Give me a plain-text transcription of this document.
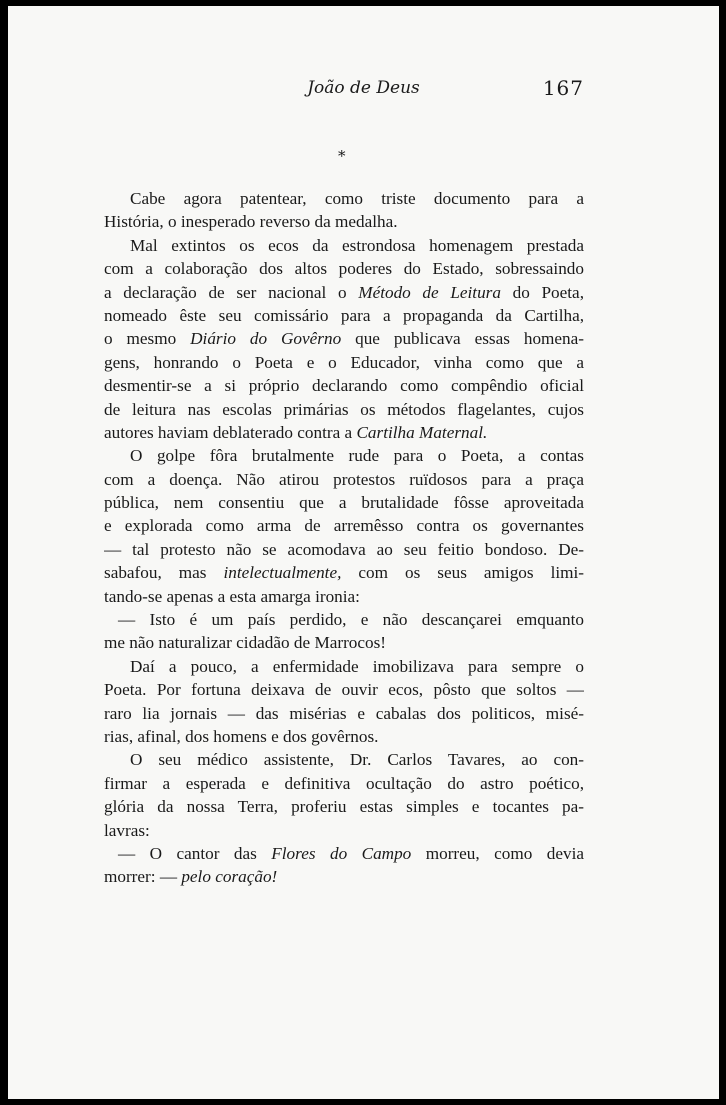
João de Deus	167
*
Cabe agora patentear, como triste documento para a
História, o inesperado reverso da medalha.
Mal extintos os ecos da estrondosa homenagem prestada
com a colaboração dos altos poderes do Estado, sobressaindo
a declaração de ser nacional o Método de Leitura do Poeta,
nomeado êste seu comissário para a propaganda da Cartilha,
o mesmo Diário do Govêrno que publicava essas homena-
gens, honrando o Poeta e o Educador, vinha como que a
desmentir-se a si próprio declarando como compêndio oficial
de leitura nas escolas primárias os métodos flagelantes, cujos
autores haviam deblaterado contra a Cartilha Maternal.
O golpe fôra brutalmente rude para o Poeta, a contas
com a doença. Não atirou protestos ruïdosos para a praça
pública, nem consentiu que a brutalidade fôsse aproveitada
e explorada como arma de arremêsso contra os governantes
— tal protesto não se acomodava ao seu feitio bondoso. De-
sabafou, mas intelectualmente, com os seus amigos limi-
tando-se apenas a esta amarga ironia:
— Isto é um país perdido, e não descançarei emquanto
me não naturalizar cidadão de Marrocos!
Daí a pouco, a enfermidade imobilizava para sempre o
Poeta. Por fortuna deixava de ouvir ecos, pôsto que soltos —
raro lia jornais — das misérias e cabalas dos politicos, misé-
rias, afinal, dos homens e dos govêrnos.
O seu médico assistente, Dr. Carlos Tavares, ao con-
firmar a esperada e definitiva ocultação do astro poético,
glória da nossa Terra, proferiu estas simples e tocantes pa-
lavras:
— O cantor das Flores do Campo morreu, como devia
morrer: — pelo coração!
